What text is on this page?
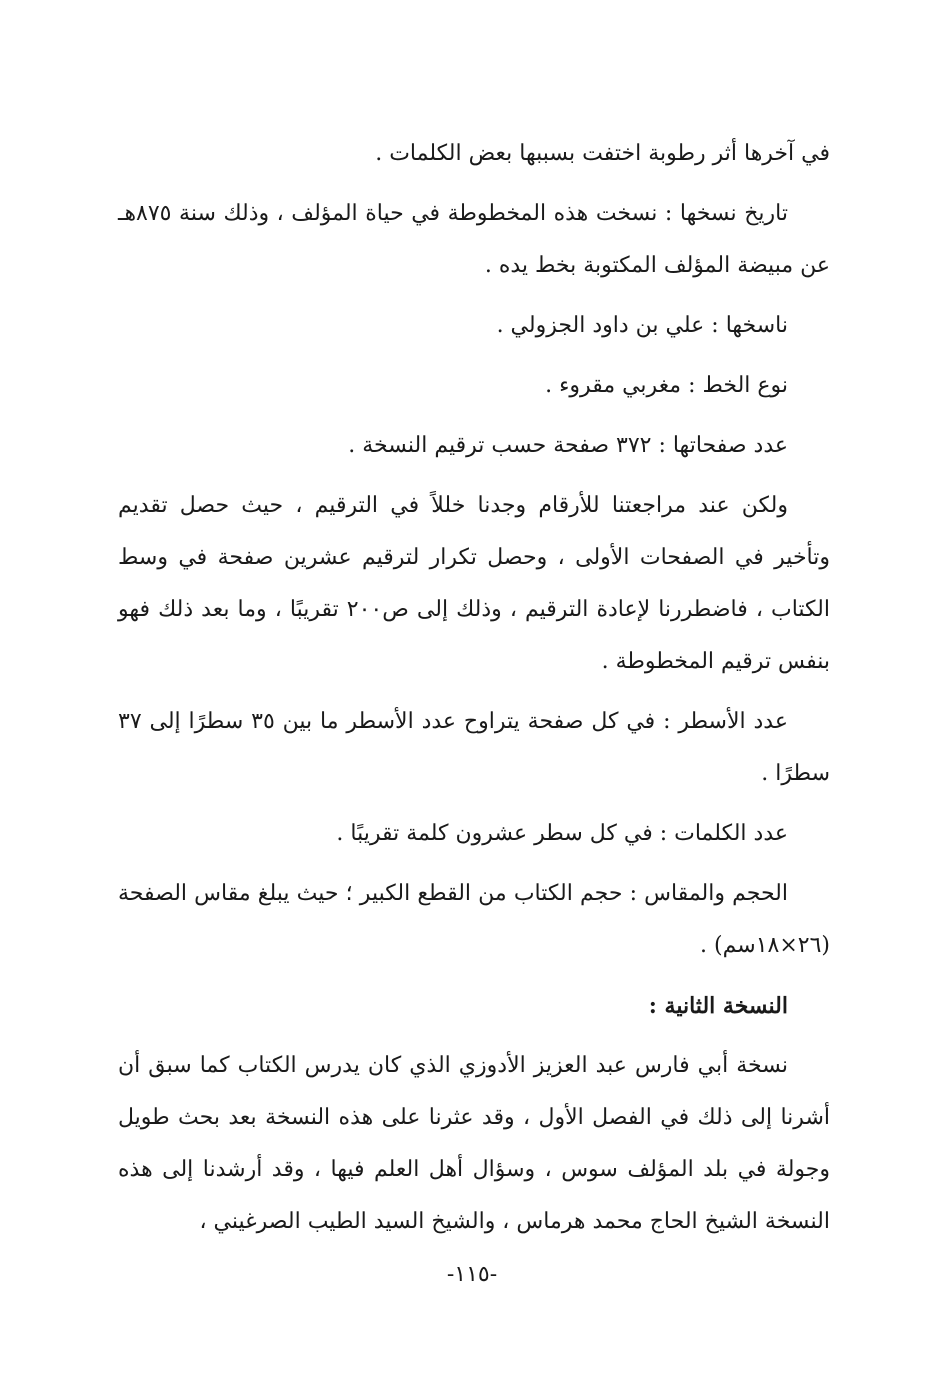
في آخرها أثر رطوبة اختفت بسببها بعض الكلمات .

تاريخ نسخها : نسخت هذه المخطوطة في حياة المؤلف ، وذلك سنة ٨٧٥هـ عن مبيضة المؤلف المكتوبة بخط يده .

ناسخها : علي بن داود الجزولي .

نوع الخط : مغربي مقروء .

عدد صفحاتها : ٣٧٢ صفحة حسب ترقيم النسخة .

ولكن عند مراجعتنا للأرقام وجدنا خللاً في الترقيم ، حيث حصل تقديم وتأخير في الصفحات الأولى ، وحصل تكرار لترقيم عشرين صفحة في وسط الكتاب ، فاضطررنا لإعادة الترقيم ، وذلك إلى ص٢٠٠ تقريبًا ، وما بعد ذلك فهو بنفس ترقيم المخطوطة .

عدد الأسطر : في كل صفحة يتراوح عدد الأسطر ما بين ٣٥ سطرًا إلى ٣٧ سطرًا .

عدد الكلمات : في كل سطر عشرون كلمة تقريبًا .

الحجم والمقاس : حجم الكتاب من القطع الكبير ؛ حيث يبلغ مقاس الصفحة (٢٦×١٨سم) .

النسخة الثانية :

نسخة أبي فارس عبد العزيز الأدوزي الذي كان يدرس الكتاب كما سبق أن أشرنا إلى ذلك في الفصل الأول ، وقد عثرنا على هذه النسخة بعد بحث طويل وجولة في بلد المؤلف سوس ، وسؤال أهل العلم فيها ، وقد أرشدنا إلى هذه النسخة الشيخ الحاج محمد هرماس ، والشيخ السيد الطيب الصرغيني ،

-١١٥-
